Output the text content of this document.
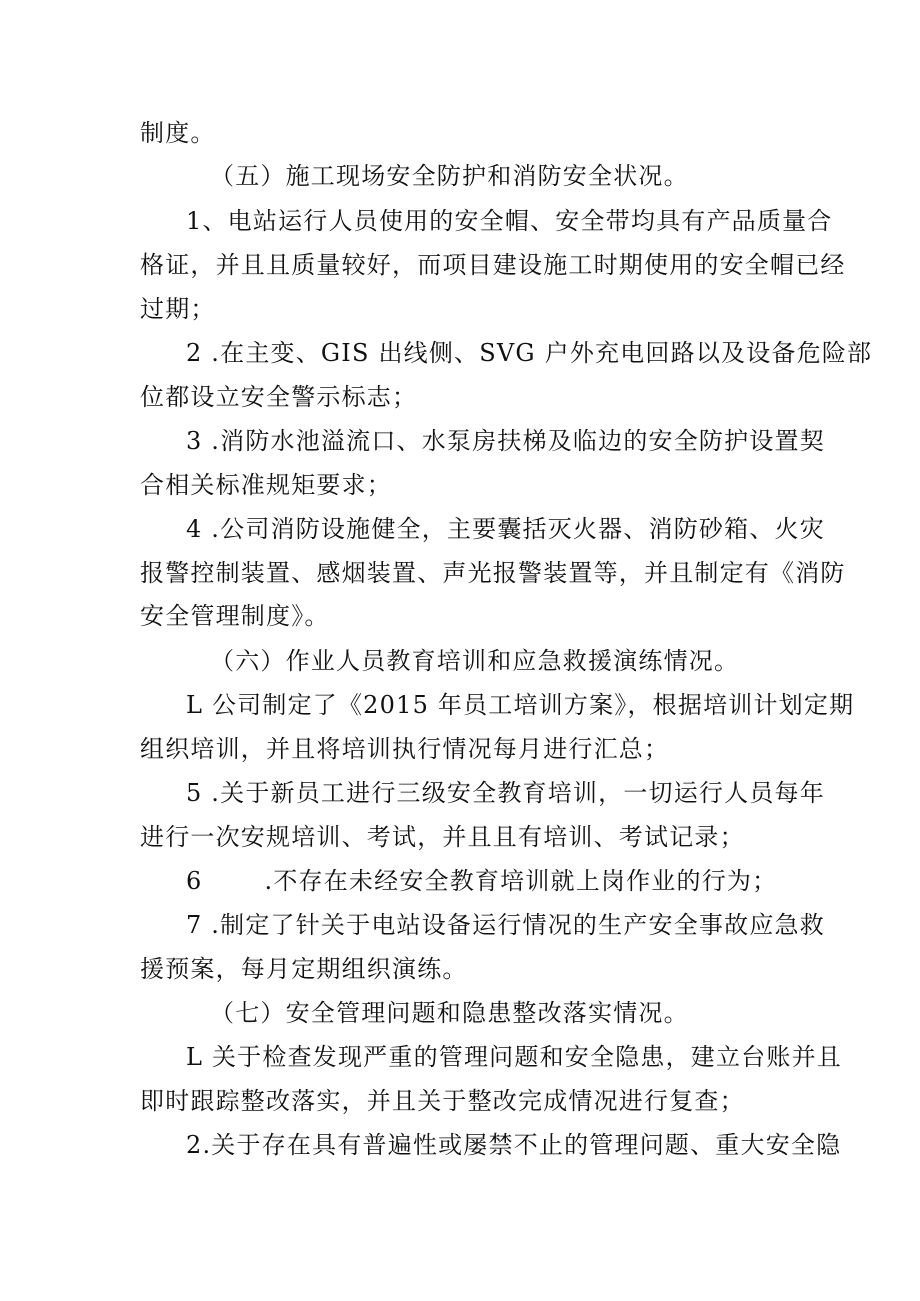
制度。
（五）施工现场安全防护和消防安全状况。
1、电站运行人员使用的安全帽、安全带均具有产品质量合
格证，并且且质量较好，而项目建设施工时期使用的安全帽已经
过期；
2 .在主变、GIS 出线侧、SVG 户外充电回路以及设备危险部
位都设立安全警示标志；
3 .消防水池溢流口、水泵房扶梯及临边的安全防护设置契
合相关标准规矩要求；
4 .公司消防设施健全，主要囊括灭火器、消防砂箱、火灾
报警控制装置、感烟装置、声光报警装置等，并且制定有《消防
安全管理制度》。
（六）作业人员教育培训和应急救援演练情况。
L 公司制定了《2015 年员工培训方案》，根据培训计划定期
组织培训，并且将培训执行情况每月进行汇总；
5 .关于新员工进行三级安全教育培训，一切运行人员每年
进行一次安规培训、考试，并且且有培训、考试记录；
6	.不存在未经安全教育培训就上岗作业的行为；
7 .制定了针关于电站设备运行情况的生产安全事故应急救
援预案，每月定期组织演练。
（七）安全管理问题和隐患整改落实情况。
L 关于检查发现严重的管理问题和安全隐患，建立台账并且
即时跟踪整改落实，并且关于整改完成情况进行复查；
2.关于存在具有普遍性或屡禁不止的管理问题、重大安全隐
